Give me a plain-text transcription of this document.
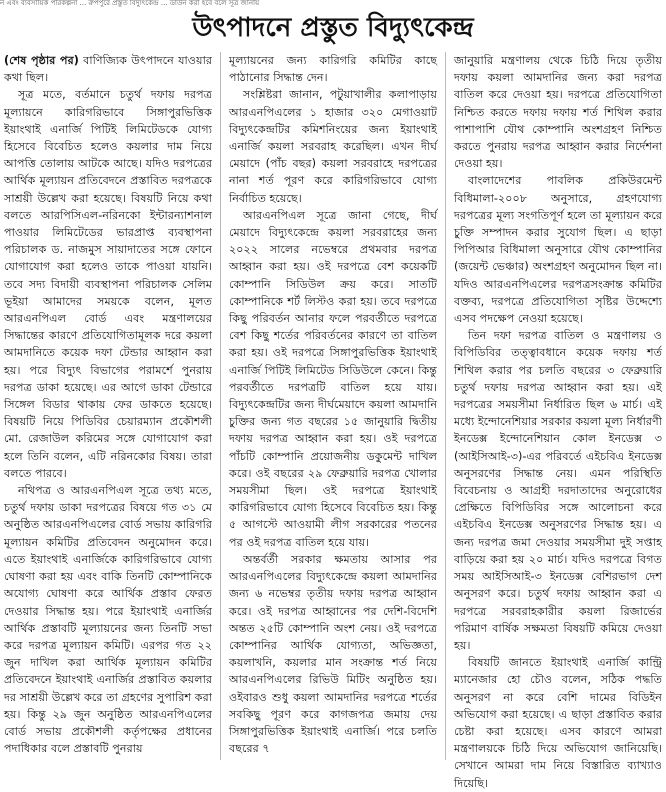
ন এবং ব্যবসায়িক পরিকল্পনা ... রুপপুরে প্রস্তুত বিদ্যুৎকেন্দ্র ... ডাউন করা হবে বলে সূত্র জানায়
উৎপাদনে প্রস্তুত বিদ্যুৎকেন্দ্র

(শেষ পৃষ্ঠার পর) বাণিজ্যিক উৎপাদনে যাওয়ার কথা ছিল।

সূত্র মতে, বর্তমানে চতুর্থ দফায় দরপত্র মূল্যায়নে কারিগরিভাবে সিঙ্গাপুরভিত্তিক ইয়াংথাই এনার্জি পিটিই লিমিটেডকে যোগ্য হিসেবে বিবেচিত হলেও কয়লার দাম নিয়ে আপত্তি তোলায় আটকে আছে। যদিও দরপত্রের আর্থিক মূল্যায়ন প্রতিবেদনে প্রস্তাবিত দরপত্রকে সাশ্রয়ী উল্লেখ করা হয়েছে। বিষয়টি নিয়ে কথা বলতে আরপিসিএল-নরিনকো ইন্টারন্যাশনাল পাওয়ার লিমিটেডের ভারপ্রাপ্ত ব্যবস্থাপনা পরিচালক ড. নাজমুস সায়াদাতের সঙ্গে ফোনে যোগাযোগ করা হলেও তাকে পাওয়া যায়নি। তবে সদ্য বিদায়ী ব্যবস্থাপনা পরিচালক সেলিম ভূইয়া আমাদের সময়কে বলেন, মূলত আরএনপিএল বোর্ড এবং মন্ত্রণালয়ের সিদ্ধান্তের কারণে প্রতিযোগিতামূলক দরে কয়লা আমদানিতে কয়েক দফা টেন্ডার আহ্বান করা হয়। পরে বিদ্যুৎ বিভাগের পরামর্শে পুনরায় দরপত্র ডাকা হয়েছে। এর আগে ডাকা টেন্ডারে সিঙ্গেল বিডার থাকায় ফের ডাকতে হয়েছে। বিষয়টি নিয়ে পিডিবির চেয়ারম্যান প্রকৌশলী মো. রেজাউল করিমের সঙ্গে যোগাযোগ করা হলে তিনি বলেন, এটি নরিনকোর বিষয়। তারা বলতে পারবে।

নথিপত্র ও আরএনপিএল সূত্রে তথ্য মতে, চতুর্থ দফায় ডাকা দরপত্রের বিষয়ে গত ৩১ মে অনুষ্ঠিত আরএনপিএলের বোর্ড সভায় কারিগরি মূল্যায়ন কমিটির প্রতিবেদন অনুমোদন করে। এতে ইয়াংথাই এনার্জিকে কারিগরিভাবে যোগ্য ঘোষণা করা হয় এবং বাকি তিনটি কোম্পানিকে অযোগ্য ঘোষণা করে আর্থিক প্রস্তাব ফেরত দেওয়ার সিদ্ধান্ত হয়। পরে ইয়াংথাই এনার্জির আর্থিক প্রস্তাবটি মূল্যায়নের জন্য তিনটি সভা করে দরপত্র মূল্যায়ন কমিটি। এরপর গত ২২ জুন দাখিল করা আর্থিক মূল্যায়ন কমিটির প্রতিবেদনে ইয়াংথাই এনার্জির প্রস্তাবিত কয়লার দর সাশ্রয়ী উল্লেখ করে তা গ্রহণের সুপারিশ করা হয়। কিন্তু ২৯ জুন অনুষ্ঠিত আরএনপিএলের বোর্ড সভায় প্রকৌশলী কর্তৃপক্ষের প্রধানের পদাধিকার বলে প্রস্তাবটি পুনরায়

মূল্যায়নের জন্য কারিগরি কমিটির কাছে পাঠানোর সিদ্ধান্ত দেন।

সংশ্লিষ্টরা জানান, পটুয়াখালীর কলাপাড়ায় আরএনপিএলের ১ হাজার ৩২০ মেগাওয়াট বিদ্যুৎকেন্দ্রটির কমিশনিংয়ের জন্য ইয়াংথাই এনার্জি কয়লা সরবরাহ করেছিল। এখন দীর্ঘ মেয়াদে (পাঁচ বছর) কয়লা সরবরাহে দরপত্রের নানা শর্ত পূরণ করে কারিগরিভাবে যোগ্য নির্বাচিত হয়েছে।

আরএনপিএল সূত্রে জানা গেছে, দীর্ঘ মেয়াদে বিদ্যুৎকেন্দ্রে কয়লা সরবরাহের জন্য ২০২২ সালের নভেম্বরে প্রথমবার দরপত্র আহ্বান করা হয়। ওই দরপত্রে বেশ কয়েকটি কোম্পানি সিডিউল ক্রয় করে। সাতটি কোম্পানিকে শর্ট লিস্টও করা হয়। তবে দরপত্রে কিছু পরিবর্তন আনার ফলে পরবর্তীতে দরপত্রে বেশ কিছু শর্তের পরিবর্তনের কারণে তা বাতিল করা হয়। ওই দরপত্রে সিঙ্গাপুরভিত্তিক ইয়াংথাই এনার্জি পিটিই লিমিটেড সিডিউলে কেনে। কিন্তু পরবর্তীতে দরপত্রটি বাতিল হয়ে যায়। বিদ্যুৎকেন্দ্রটির জন্য দীর্ঘমেয়াদে কয়লা আমদানি চুক্তির জন্য গত বছরের ১৫ জানুয়ারি দ্বিতীয় দফায় দরপত্র আহ্বান করা হয়। ওই দরপত্রে পাঁচটি কোম্পানি প্রয়োজনীয় ডকুমেন্ট দাখিল করে। ওই বছরের ২৯ ফেব্রুয়ারি দরপত্র খোলার সময়সীমা ছিল। ওই দরপত্রে ইয়াংথাই কারিগরিভাবে যোগ্য হিসেবে বিবেচিত হয়। কিন্তু ৫ আগস্টে আওয়ামী লীগ সরকারের পতনের পর ওই দরপত্র বাতিল হয়ে যায়।

অন্তর্বর্তী সরকার ক্ষমতায় আসার পর আরএনপিএলের বিদ্যুৎকেন্দ্রে কয়লা আমদানির জন্য ৬ নভেম্বর তৃতীয় দফায় দরপত্র আহ্বান করে। ওই দরপত্র আহ্বানের পর দেশি-বিদেশি অন্তত ২৫টি কোম্পানি অংশ নেয়। ওই দরপত্রে কোম্পানির আর্থিক যোগ্যতা, অভিজ্ঞতা, কয়লাখনি, কয়লার মান সংক্রান্ত শর্ত নিয়ে আরএনপিএলের রিভিউ মিটিং অনুষ্ঠিত হয়। ওইবারও শুধু কয়লা আমদানির দরপত্রে শর্তের সবকিছু পূরণ করে কাগজপত্র জমায় দেয় সিঙ্গাপুরভিত্তিক ইয়াংথাই এনার্জি। পরে চলতি বছরের ৭

জানুয়ারি মন্ত্রণালয় থেকে চিঠি দিয়ে তৃতীয় দফায় কয়লা আমদানির জন্য করা দরপত্র বাতিল করে দেওয়া হয়। দরপত্রে প্রতিযোগিতা নিশ্চিত করতে দফায় দফায় শর্ত শিথিল করার পাশাপাশি যৌথ কোম্পানি অংশগ্রহণ নিশ্চিত করতে পুনরায় দরপত্র আহ্বান করার নির্দেশনা দেওয়া হয়।

বাংলাদেশের পাবলিক প্রকিউরমেন্ট বিধিমালা-২০০৮ অনুসারে, গ্রহণযোগ্য দরপত্রের মূল্য সংগতিপূর্ণ হলে তা মূল্যায়ন করে চুক্তি সম্পাদন করার সুযোগ ছিল। এ ছাড়া পিপিআর বিধিমালা অনুসারে যৌথ কোম্পানির (জয়েন্ট ভেঞ্চার) অংশগ্রহণ অনুমোদন ছিল না। যদিও আরএনপিএলের দরপত্রসংক্রান্ত কমিটির বক্তব্য, দরপত্রে প্রতিযোগিতা সৃষ্টির উদ্দেশ্যে এসব পদক্ষেপ নেওয়া হয়েছে।

তিন দফা দরপত্র বাতিল ও মন্ত্রণালয় ও বিপিডিবির তত্ত্বাবধানে কয়েক দফায় শর্ত শিথিল করার পর চলতি বছরের ৩ ফেব্রুয়ারি চতুর্থ দফায় দরপত্র আহ্বান করা হয়। এই দরপত্রের সময়সীমা নির্ধারিত ছিল ৬ মার্চ। এই মধ্যে ইন্দোনেশিয়ার সরকার কয়লা মূল্য নির্ধারণী ইনডেক্স ইন্দোনেশিয়ান কোল ইনডেক্স ৩ (আইসিআই-৩)-এর পরিবর্তে এইচবিএ ইনডেক্স অনুসরণের সিদ্ধান্ত নেয়। এমন পরিস্থিতি বিবেচনায় ও আগ্রহী দরদাতাদের অনুরোধের প্রেক্ষিতে বিপিডিবির সঙ্গে আলোচনা করে এইচবিএ ইনডেক্স অনুসরণের সিদ্ধান্ত হয়। এ জন্য দরপত্র জমা দেওয়ার সময়সীমা দুই সপ্তাহ বাড়িয়ে করা হয় ২০ মার্চ। যদিও দরপত্রে বিগত সময় আইসিআই-৩ ইনডেক্স বেশিরভাগ দেশ অনুসরণ করে। চতুর্থ দফায় আহ্বান করা এ দরপত্রে সরবরাহকারীর কয়লা রিজার্ভের পরিমাণ বার্ষিক সক্ষমতা বিষয়টি কমিয়ে দেওয়া হয়।

বিষয়টি জানতে ইয়াংথাই এনার্জি কান্ট্রি ম্যানেজার হো চৌও বলেন, সঠিক পদ্ধতি অনুসরণ না করে বেশি দামের বিডিইন অভিযোগ করা হয়েছে। এ ছাড়া প্রস্তাবিত করার চেষ্টা করা হয়েছে। এসব কারণে আমরা মন্ত্রণালয়কে চিঠি দিয়ে অভিযোগ জানিয়েছি। সেখানে আমরা দাম নিয়ে বিস্তারিত ব্যাখ্যাও দিয়েছি।
